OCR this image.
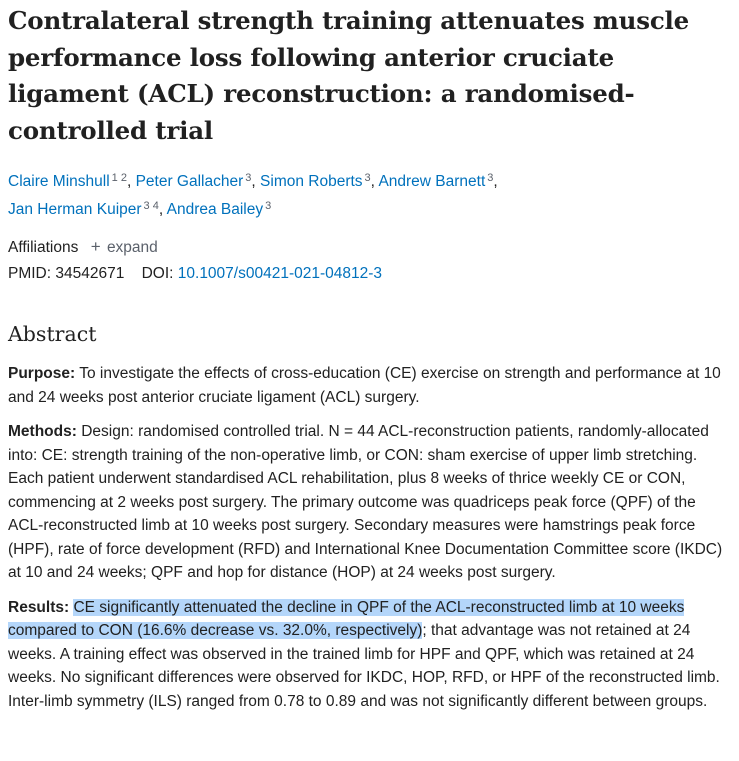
Contralateral strength training attenuates muscle performance loss following anterior cruciate ligament (ACL) reconstruction: a randomised-controlled trial
Claire Minshull $^{1 2}$, Peter Gallacher $^3$, Simon Roberts $^3$, Andrew Barnett $^3$,
Jan Herman Kuiper $^{3 4}$, Andrea Bailey $^3$
Affiliations + expand
PMID: 34542671 DOI: 10.1007/s00421-021-04812-3
Abstract

Purpose: To investigate the effects of cross-education (CE) exercise on strength and performance at 10 and 24 weeks post anterior cruciate ligament (ACL) surgery.

Methods: Design: randomised controlled trial. N = 44 ACL-reconstruction patients, randomly-allocated into: CE: strength training of the non-operative limb, or CON: sham exercise of upper limb stretching. Each patient underwent standardised ACL rehabilitation, plus 8 weeks of thrice weekly CE or CON, commencing at 2 weeks post surgery. The primary outcome was quadriceps peak force (QPF) of the ACL-reconstructed limb at 10 weeks post surgery. Secondary measures were hamstrings peak force (HPF), rate of force development (RFD) and International Knee Documentation Committee score (IKDC) at 10 and 24 weeks; QPF and hop for distance (HOP) at 24 weeks post surgery.

Results: CE significantly attenuated the decline in QPF of the ACL-reconstructed limb at 10 weeks compared to CON (16.6% decrease vs. 32.0%, respectively); that advantage was not retained at 24 weeks. A training effect was observed in the trained limb for HPF and QPF, which was retained at 24 weeks. No significant differences were observed for IKDC, HOP, RFD, or HPF of the reconstructed limb. Inter-limb symmetry (ILS) ranged from 0.78 to 0.89 and was not significantly different between groups.
